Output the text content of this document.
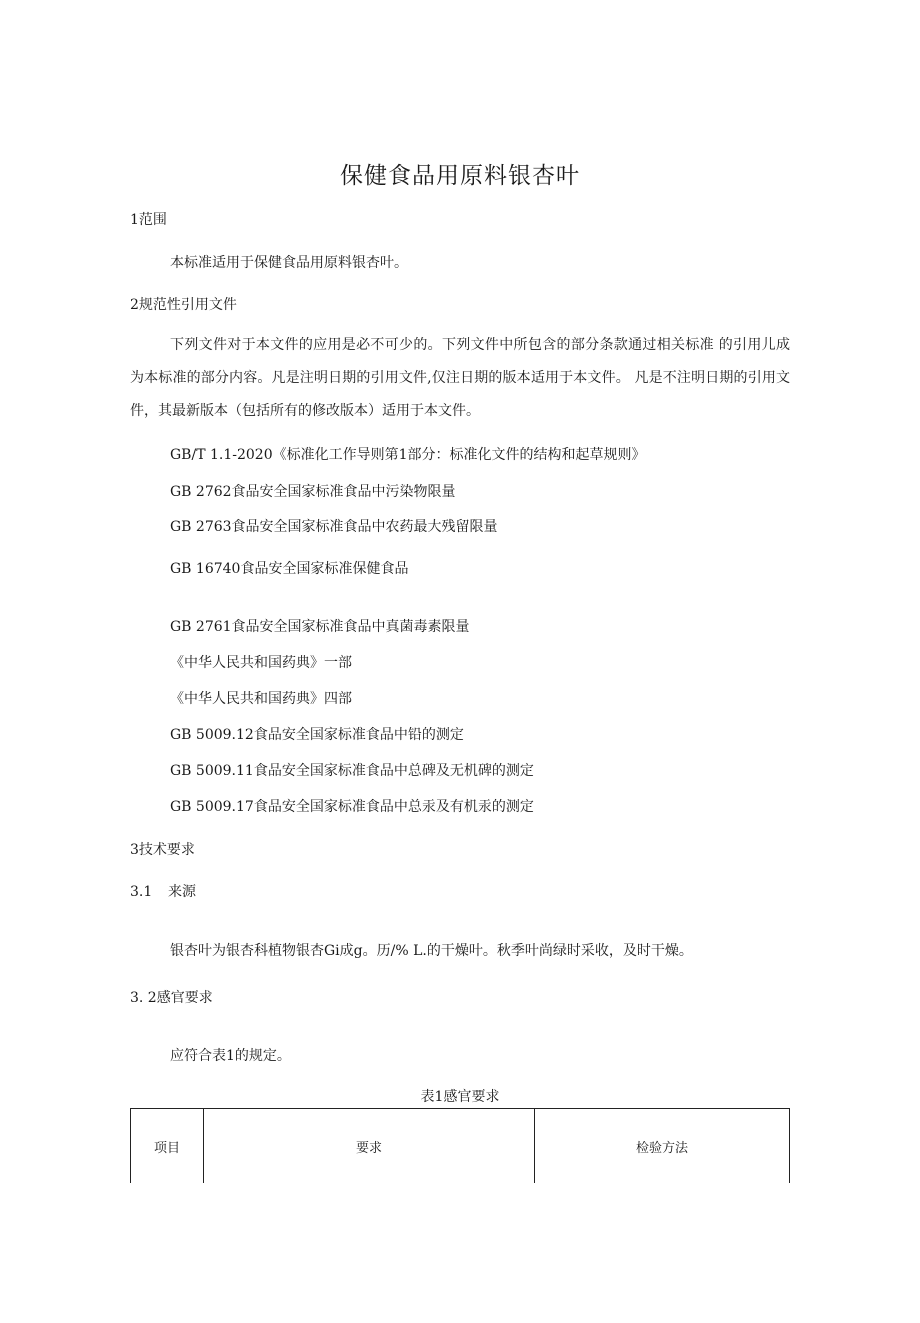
保健食品用原料银杏叶
1范围
本标准适用于保健食品用原料银杏叶。
2规范性引用文件
下列文件对于本文件的应用是必不可少的。下列文件中所包含的部分条款通过相关标准 的引用儿成为本标准的部分内容。凡是注明日期的引用文件,仅注日期的版本适用于本文件。 凡是不注明日期的引用文件，其最新版本（包括所有的修改版本）适用于本文件。
GB/T 1.1-2020《标准化工作导则第1部分：标准化文件的结构和起草规则》
GB 2762食品安全国家标准食品中污染物限量
GB 2763食品安全国家标准食品中农药最大残留限量
GB 16740食品安全国家标准保健食品
GB 2761食品安全国家标准食品中真菌毒素限量
《中华人民共和国药典》一部
《中华人民共和国药典》四部
GB 5009.12食品安全国家标准食品中铅的测定
GB 5009.11食品安全国家标准食品中总碑及无机碑的测定
GB 5009.17食品安全国家标准食品中总汞及有机汞的测定
3技术要求
3.1 来源
银杏叶为银杏科植物银杏Gi成g。历/% L.的干燥叶。秋季叶尚绿时采收，及时干燥。
3. 2感官要求
应符合表1的规定。
表1感官要求
项目	要求	检验方法
